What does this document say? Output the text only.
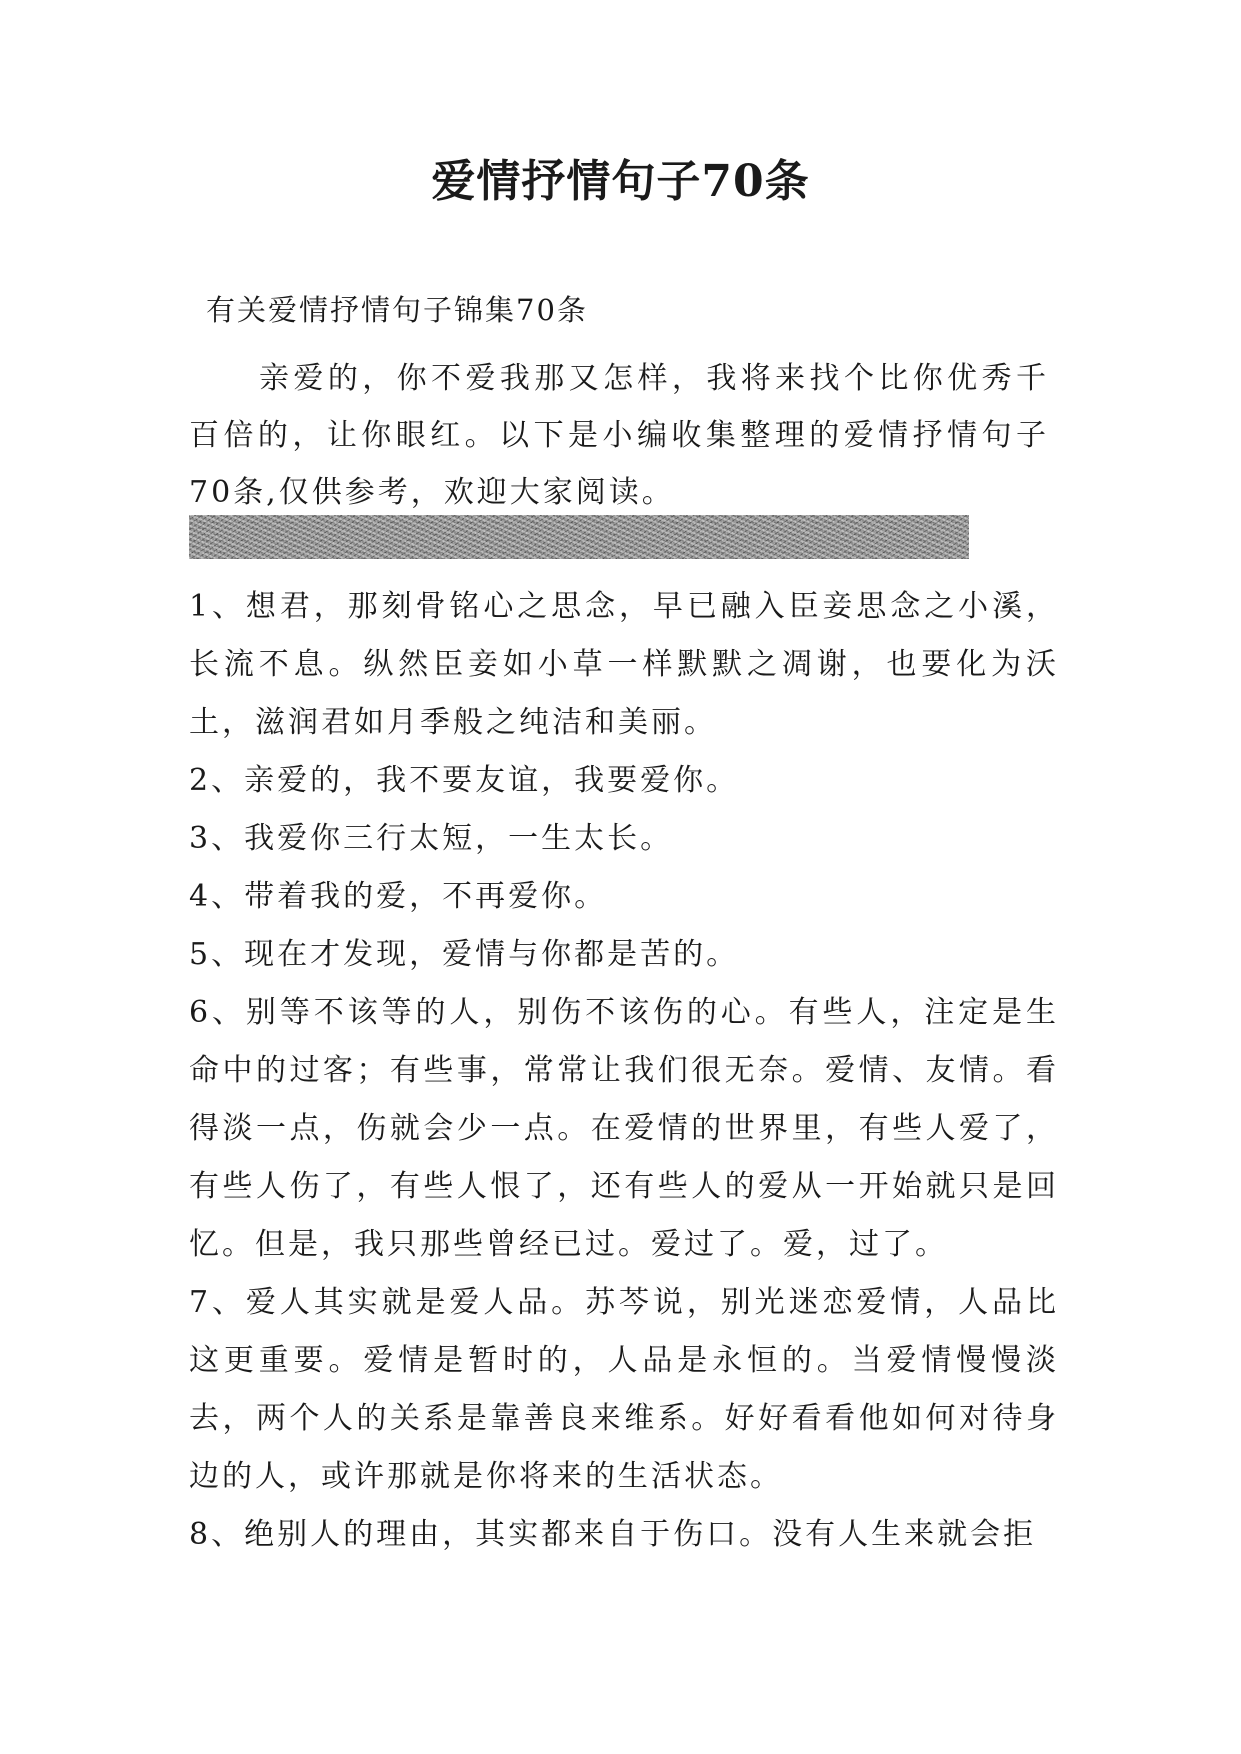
爱情抒情句子70条
有关爱情抒情句子锦集70条

亲爱的，你不爱我那又怎样，我将来找个比你优秀千百倍的，让你眼红。以下是小编收集整理的爱情抒情句子70条,仅供参考，欢迎大家阅读。

1、想君，那刻骨铭心之思念，早已融入臣妾思念之小溪，长流不息。纵然臣妾如小草一样默默之凋谢，也要化为沃土，滋润君如月季般之纯洁和美丽。

2、亲爱的，我不要友谊，我要爱你。

3、我爱你三行太短，一生太长。

4、带着我的爱，不再爱你。

5、现在才发现，爱情与你都是苦的。

6、别等不该等的人，别伤不该伤的心。有些人，注定是生命中的过客；有些事，常常让我们很无奈。爱情、友情。看得淡一点，伤就会少一点。在爱情的世界里，有些人爱了，有些人伤了，有些人恨了，还有些人的爱从一开始就只是回忆。但是，我只那些曾经已过。爱过了。爱，过了。

7、爱人其实就是爱人品。苏芩说，别光迷恋爱情，人品比这更重要。爱情是暂时的，人品是永恒的。当爱情慢慢淡去，两个人的关系是靠善良来维系。好好看看他如何对待身边的人，或许那就是你将来的生活状态。

8、绝别人的理由，其实都来自于伤口。没有人生来就会拒
